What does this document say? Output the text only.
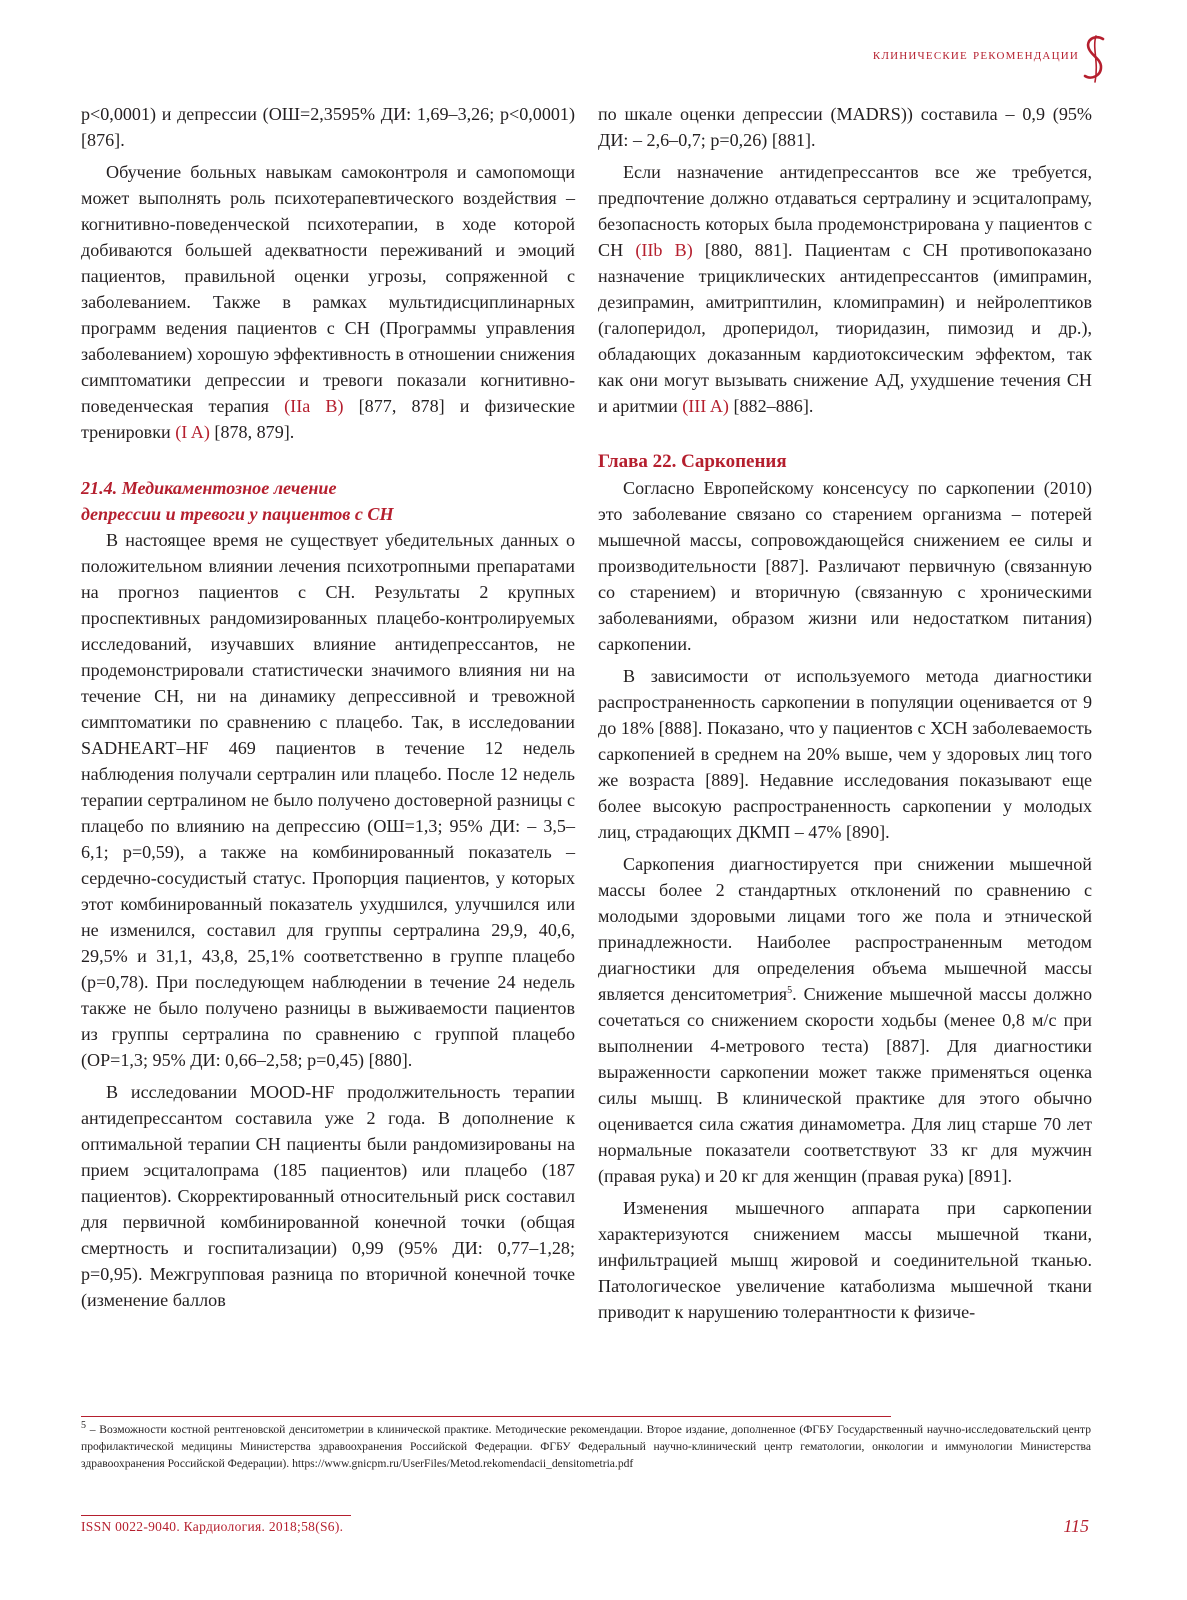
клинические рекомендации

p<0,0001) и депрессии (ОШ=2,3595% ДИ: 1,69–3,26; p<0,0001) [876].

Обучение больных навыкам самоконтроля и самопомощи может выполнять роль психотерапевтического воздействия – когнитивно-поведенческой психотерапии, в ходе которой добиваются большей адекватности переживаний и эмоций пациентов, правильной оценки угрозы, сопряженной с заболеванием. Также в рамках мультидисциплинарных программ ведения пациентов с СН (Программы управления заболеванием) хорошую эффективность в отношении снижения симптоматики депрессии и тревоги показали когнитивно-поведенческая терапия (IIa B) [877, 878] и физические тренировки (I A) [878, 879].

21.4. Медикаментозное лечение
депрессии и тревоги у пациентов с СН

В настоящее время не существует убедительных данных о положительном влиянии лечения психотропными препаратами на прогноз пациентов с СН. Результаты 2 крупных проспективных рандомизированных плацебо-контролируемых исследований, изучавших влияние антидепрессантов, не продемонстрировали статистически значимого влияния ни на течение СН, ни на динамику депрессивной и тревожной симптоматики по сравнению с плацебо. Так, в исследовании SADHEART–HF 469 пациентов в течение 12 недель наблюдения получали сертралин или плацебо. После 12 недель терапии сертралином не было получено достоверной разницы с плацебо по влиянию на депрессию (ОШ=1,3; 95% ДИ: – 3,5–6,1; p=0,59), а также на комбинированный показатель – сердечно-сосудистый статус. Пропорция пациентов, у которых этот комбинированный показатель ухудшился, улучшился или не изменился, составил для группы сертралина 29,9, 40,6, 29,5% и 31,1, 43,8, 25,1% соответственно в группе плацебо (p=0,78). При последующем наблюдении в течение 24 недель также не было получено разницы в выживаемости пациентов из группы сертралина по сравнению с группой плацебо (ОР=1,3; 95% ДИ: 0,66–2,58; p=0,45) [880].

В исследовании MOOD-HF продолжительность терапии антидепрессантом составила уже 2 года. В дополнение к оптимальной терапии СН пациенты были рандомизированы на прием эсциталопрама (185 пациентов) или плацебо (187 пациентов). Скорректированный относительный риск составил для первичной комбинированной конечной точки (общая смертность и госпитализации) 0,99 (95% ДИ: 0,77–1,28; p=0,95). Межгрупповая разница по вторичной конечной точке (изменение баллов

по шкале оценки депрессии (MADRS)) составила – 0,9 (95% ДИ: – 2,6–0,7; p=0,26) [881].

Если назначение антидепрессантов все же требуется, предпочтение должно отдаваться сертралину и эсциталопраму, безопасность которых была продемонстрирована у пациентов с СН (IIb B) [880, 881]. Пациентам с СН противопоказано назначение трициклических антидепрессантов (имипрамин, дезипрамин, амитриптилин, кломипрамин) и нейролептиков (галоперидол, дроперидол, тиоридазин, пимозид и др.), обладающих доказанным кардиотоксическим эффектом, так как они могут вызывать снижение АД, ухудшение течения СН и аритмии (III A) [882–886].

Глава 22. Саркопения

Согласно Европейскому консенсусу по саркопении (2010) это заболевание связано со старением организма – потерей мышечной массы, сопровождающейся снижением ее силы и производительности [887]. Различают первичную (связанную со старением) и вторичную (связанную с хроническими заболеваниями, образом жизни или недостатком питания) саркопении.

В зависимости от используемого метода диагностики распространенность саркопении в популяции оценивается от 9 до 18% [888]. Показано, что у пациентов с ХСН заболеваемость саркопенией в среднем на 20% выше, чем у здоровых лиц того же возраста [889]. Недавние исследования показывают еще более высокую распространенность саркопении у молодых лиц, страдающих ДКМП – 47% [890].

Саркопения диагностируется при снижении мышечной массы более 2 стандартных отклонений по сравнению с молодыми здоровыми лицами того же пола и этнической принадлежности. Наиболее распространенным методом диагностики для определения объема мышечной массы является денситометрия$^5$. Снижение мышечной массы должно сочетаться со снижением скорости ходьбы (менее 0,8 м/с при выполнении 4-метрового теста) [887]. Для диагностики выраженности саркопении может также применяться оценка силы мышц. В клинической практике для этого обычно оценивается сила сжатия динамометра. Для лиц старше 70 лет нормальные показатели соответствуют 33 кг для мужчин (правая рука) и 20 кг для женщин (правая рука) [891].

Изменения мышечного аппарата при саркопении характеризуются снижением массы мышечной ткани, инфильтрацией мышц жировой и соединительной тканью. Патологическое увеличение катаболизма мышечной ткани приводит к нарушению толерантности к физиче-

$^5$ – Возможности костной рентгеновской денситометрии в клинической практике. Методические рекомендации. Второе издание, дополненное (ФГБУ Государственный научно-исследовательский центр профилактической медицины Министерства здравоохранения Российской Федерации. ФГБУ Федеральный научно-клинический центр гематологии, онкологии и иммунологии Министерства здравоохранения Российской Федерации). https://www.gnicpm.ru/UserFiles/Metod.rekomendacii_densitometria.pdf
ISSN 0022-9040. Кардиология. 2018;58(S6).	115
